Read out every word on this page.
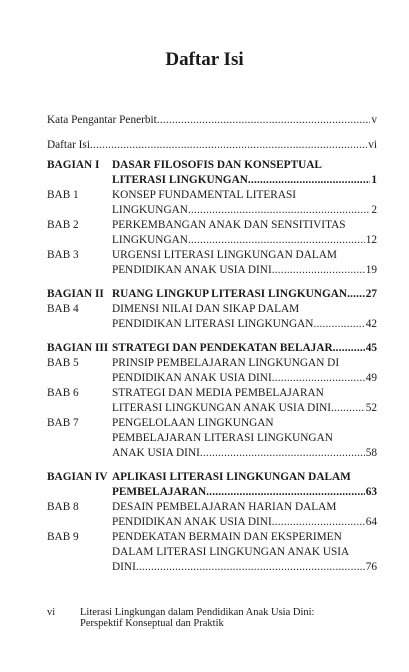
Daftar Isi
Kata Pengantar Penerbit .....	v
Daftar Isi .....	vi
BAGIAN I DASAR FILOSOFIS DAN KONSEPTUAL
LITERASI LINGKUNGAN .....	1
BAB 1	KONSEP FUNDAMENTAL LITERASI
LINGKUNGAN .....	2
BAB 2	PERKEMBANGAN ANAK DAN SENSITIVITAS
LINGKUNGAN .....	12
BAB 3	URGENSI LITERASI LINGKUNGAN DALAM
PENDIDIKAN ANAK USIA DINI .....	19
BAGIAN II RUANG LINGKUP LITERASI LINGKUNGAN ..... 27
BAB 4	DIMENSI NILAI DAN SIKAP DALAM
PENDIDIKAN LITERASI LINGKUNGAN .....	42
BAGIAN III STRATEGI DAN PENDEKATAN BELAJAR .....	45
BAB 5	PRINSIP PEMBELAJARAN LINGKUNGAN DI
PENDIDIKAN ANAK USIA DINI .....	49
BAB 6	STRATEGI DAN MEDIA PEMBELAJARAN
LITERASI LINGKUNGAN ANAK USIA DINI .....	52
BAB 7	PENGELOLAAN LINGKUNGAN
PEMBELAJARAN LITERASI LINGKUNGAN
ANAK USIA DINI .....	58
BAGIAN IV APLIKASI LITERASI LINGKUNGAN DALAM
PEMBELAJARAN .....	63
BAB 8	DESAIN PEMBELAJARAN HARIAN DALAM
PENDIDIKAN ANAK USIA DINI .....	64
BAB 9	PENDEKATAN BERMAIN DAN EKSPERIMEN
DALAM LITERASI LINGKUNGAN ANAK USIA
DINI .....	76
vi Literasi Lingkungan dalam Pendidikan Anak Usia Dini:
Perspektif Konseptual dan Praktik
